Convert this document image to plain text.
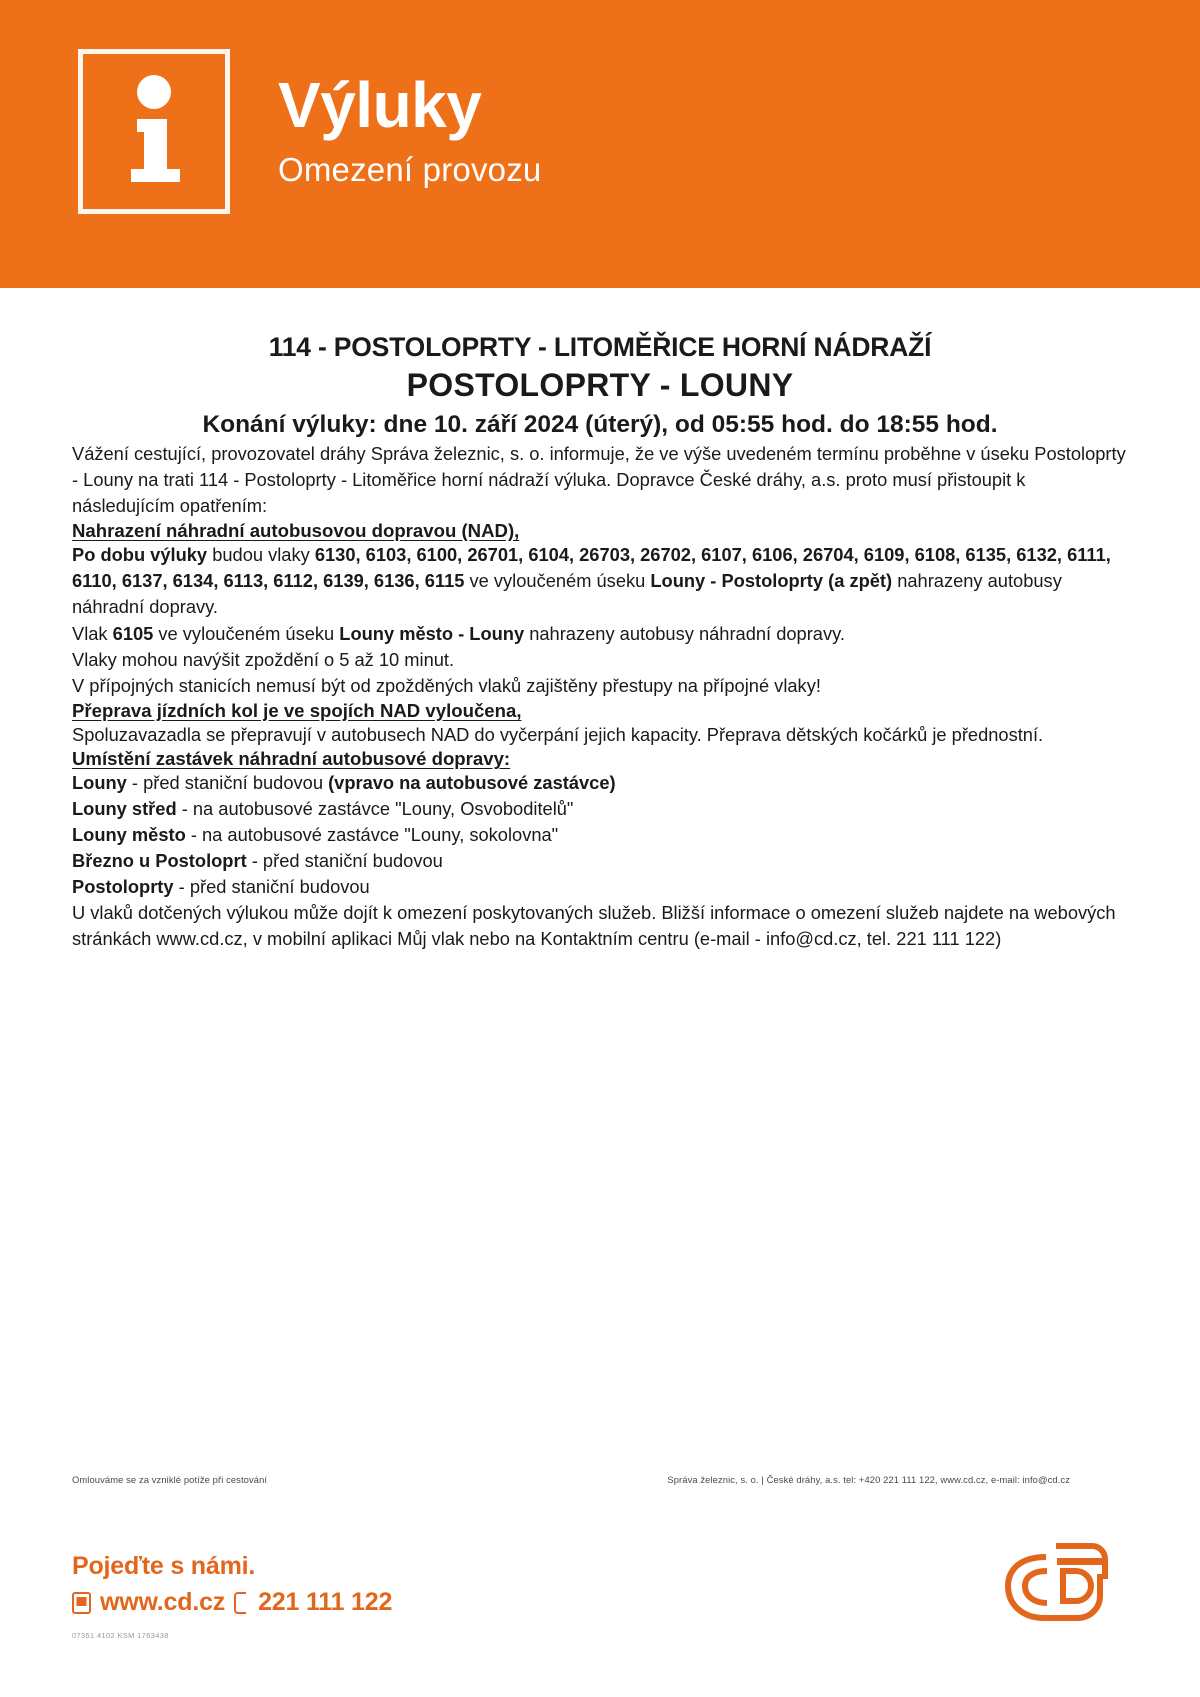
Výluky
Omezení provozu
114 - POSTOLOPRTY - LITOMĚŘICE HORNÍ NÁDRAŽÍ
POSTOLOPRTY - LOUNY
Konání výluky: dne 10. září 2024 (úterý), od 05:55 hod. do 18:55 hod.

Vážení cestující, provozovatel dráhy Správa železnic, s. o. informuje, že ve výše uvedeném termínu proběhne v úseku Postoloprty - Louny na trati 114 - Postoloprty - Litoměřice horní nádraží výluka. Dopravce České dráhy, a.s. proto musí přistoupit k následujícím opatřením:

Nahrazení náhradní autobusovou dopravou (NAD),

Po dobu výluky budou vlaky 6130, 6103, 6100, 26701, 6104, 26703, 26702, 6107, 6106, 26704, 6109, 6108, 6135, 6132, 6111, 6110, 6137, 6134, 6113, 6112, 6139, 6136, 6115 ve vyloučeném úseku Louny - Postoloprty (a zpět) nahrazeny autobusy náhradní dopravy.

Vlak 6105 ve vyloučeném úseku Louny město - Louny nahrazeny autobusy náhradní dopravy.

Vlaky mohou navýšit zpoždění o 5 až 10 minut.

V přípojných stanicích nemusí být od zpožděných vlaků zajištěny přestupy na přípojné vlaky!

Přeprava jízdních kol je ve spojích NAD vyloučena,

Spoluzavazadla se přepravují v autobusech NAD do vyčerpání jejich kapacity. Přeprava dětských kočárků je přednostní.

Umístění zastávek náhradní autobusové dopravy:

Louny - před staniční budovou (vpravo na autobusové zastávce)
Louny střed - na autobusové zastávce "Louny, Osvoboditelů"
Louny město - na autobusové zastávce "Louny, sokolovna"
Březno u Postoloprt - před staniční budovou
Postoloprty - před staniční budovou

U vlaků dotčených výlukou může dojít k omezení poskytovaných služeb. Bližší informace o omezení služeb najdete na webových stránkách www.cd.cz, v mobilní aplikaci Můj vlak nebo na Kontaktním centru (e-mail - info@cd.cz, tel. 221 111 122)

Omlouváme se za vzniklé potíže při cestování	Správa železnic, s. o. | České dráhy, a.s. tel: +420 221 111 122, www.cd.cz, e-mail: info@cd.cz
Pojeďte s námi.
www.cd.cz 221 111 122
07351 4102 KSM 1763438
